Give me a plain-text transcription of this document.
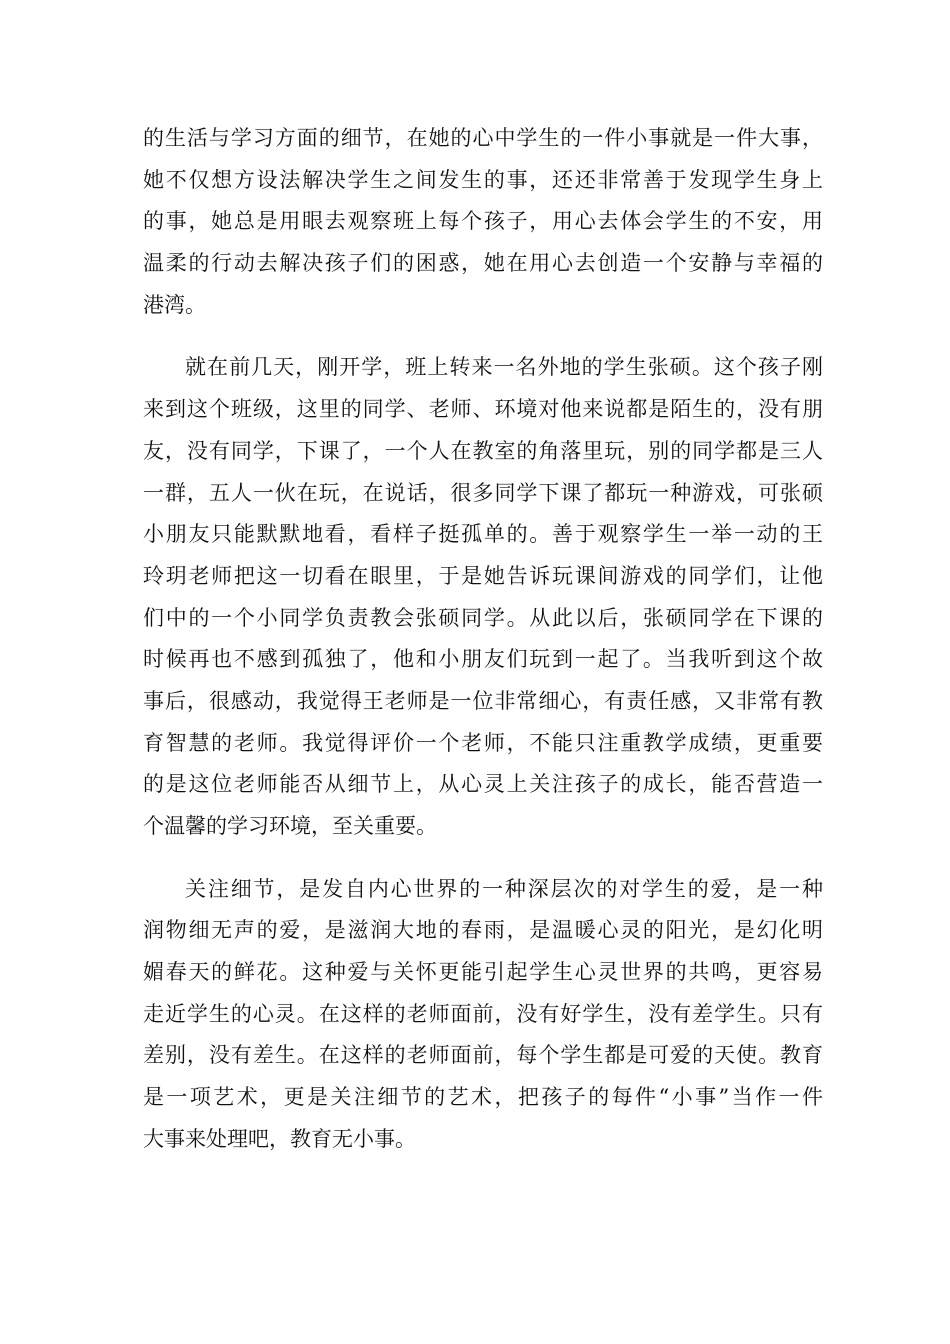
的生活与学习方面的细节，在她的心中学生的一件小事就是一件大事，
她不仅想方设法解决学生之间发生的事，还还非常善于发现学生身上
的事，她总是用眼去观察班上每个孩子，用心去体会学生的不安，用
温柔的行动去解决孩子们的困惑，她在用心去创造一个安静与幸福的
港湾。
就在前几天，刚开学，班上转来一名外地的学生张硕。这个孩子刚
来到这个班级，这里的同学、老师、环境对他来说都是陌生的，没有朋
友，没有同学，下课了，一个人在教室的角落里玩，别的同学都是三人
一群，五人一伙在玩，在说话，很多同学下课了都玩一种游戏，可张硕
小朋友只能默默地看，看样子挺孤单的。善于观察学生一举一动的王
玲玥老师把这一切看在眼里，于是她告诉玩课间游戏的同学们，让他
们中的一个小同学负责教会张硕同学。从此以后，张硕同学在下课的
时候再也不感到孤独了，他和小朋友们玩到一起了。当我听到这个故
事后，很感动，我觉得王老师是一位非常细心，有责任感，又非常有教
育智慧的老师。我觉得评价一个老师，不能只注重教学成绩，更重要
的是这位老师能否从细节上，从心灵上关注孩子的成长，能否营造一
个温馨的学习环境，至关重要。
关注细节，是发自内心世界的一种深层次的对学生的爱，是一种
润物细无声的爱，是滋润大地的春雨，是温暖心灵的阳光，是幻化明
媚春天的鲜花。这种爱与关怀更能引起学生心灵世界的共鸣，更容易
走近学生的心灵。在这样的老师面前，没有好学生，没有差学生。只有
差别，没有差生。在这样的老师面前，每个学生都是可爱的天使。教育
是一项艺术，更是关注细节的艺术，把孩子的每件“小事”当作一件
大事来处理吧，教育无小事。
